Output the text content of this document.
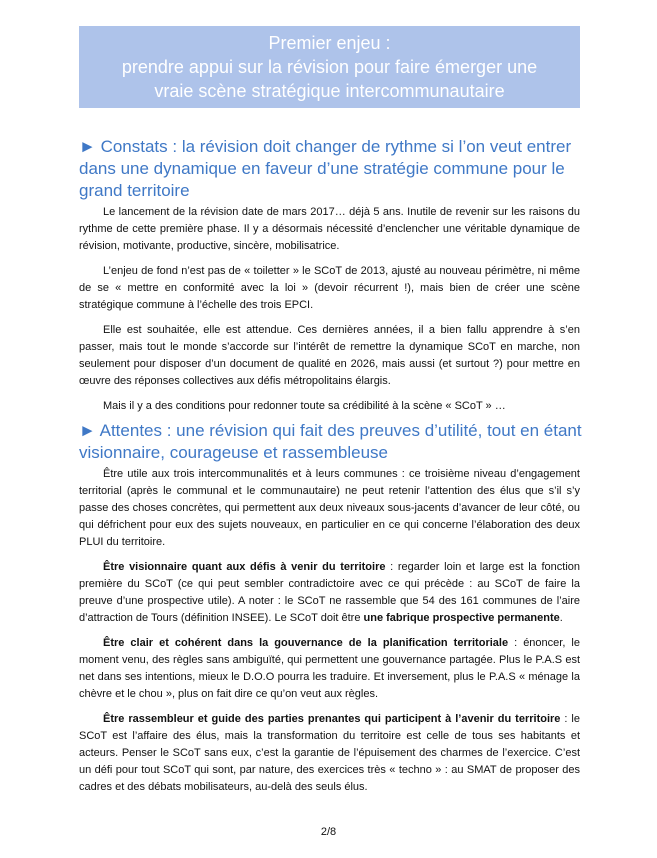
Premier enjeu :
prendre appui sur la révision pour faire émerger une
vraie scène stratégique intercommunautaire
► Constats : la révision doit changer de rythme si l’on veut entrer dans une dynamique en faveur d’une stratégie commune pour le grand territoire

Le lancement de la révision date de mars 2017… déjà 5 ans. Inutile de revenir sur les raisons du rythme de cette première phase. Il y a désormais nécessité d’enclencher une véritable dynamique de révision, motivante, productive, sincère, mobilisatrice.

L’enjeu de fond n’est pas de « toiletter » le SCoT de 2013, ajusté au nouveau périmètre, ni même de se « mettre en conformité avec la loi » (devoir récurrent !), mais bien de créer une scène stratégique commune à l’échelle des trois EPCI.

Elle est souhaitée, elle est attendue. Ces dernières années, il a bien fallu apprendre à s’en passer, mais tout le monde s’accorde sur l’intérêt de remettre la dynamique SCoT en marche, non seulement pour disposer d’un document de qualité en 2026, mais aussi (et surtout ?) pour mettre en œuvre des réponses collectives aux défis métropolitains élargis.

Mais il y a des conditions pour redonner toute sa crédibilité à la scène « SCoT » …

► Attentes : une révision qui fait des preuves d’utilité, tout en étant visionnaire, courageuse et rassembleuse

Être utile aux trois intercommunalités et à leurs communes : ce troisième niveau d’engagement territorial (après le communal et le communautaire) ne peut retenir l’attention des élus que s’il s’y passe des choses concrètes, qui permettent aux deux niveaux sous-jacents d’avancer de leur côté, ou qui défrichent pour eux des sujets nouveaux, en particulier en ce qui concerne l’élaboration des deux PLUI du territoire.

Être visionnaire quant aux défis à venir du territoire : regarder loin et large est la fonction première du SCoT (ce qui peut sembler contradictoire avec ce qui précède : au SCoT de faire la preuve d’une prospective utile). A noter : le SCoT ne rassemble que 54 des 161 communes de l’aire d’attraction de Tours (définition INSEE). Le SCoT doit être une fabrique prospective permanente.

Être clair et cohérent dans la gouvernance de la planification territoriale : énoncer, le moment venu, des règles sans ambiguïté, qui permettent une gouvernance partagée. Plus le P.A.S est net dans ses intentions, mieux le D.O.O pourra les traduire. Et inversement, plus le P.A.S « ménage la chèvre et le chou », plus on fait dire ce qu’on veut aux règles.

Être rassembleur et guide des parties prenantes qui participent à l’avenir du territoire : le SCoT est l’affaire des élus, mais la transformation du territoire est celle de tous ses habitants et acteurs. Penser le SCoT sans eux, c’est la garantie de l’épuisement des charmes de l’exercice. C’est un défi pour tout SCoT qui sont, par nature, des exercices très « techno » : au SMAT de proposer des cadres et des débats mobilisateurs, au-delà des seuls élus.

2/8
